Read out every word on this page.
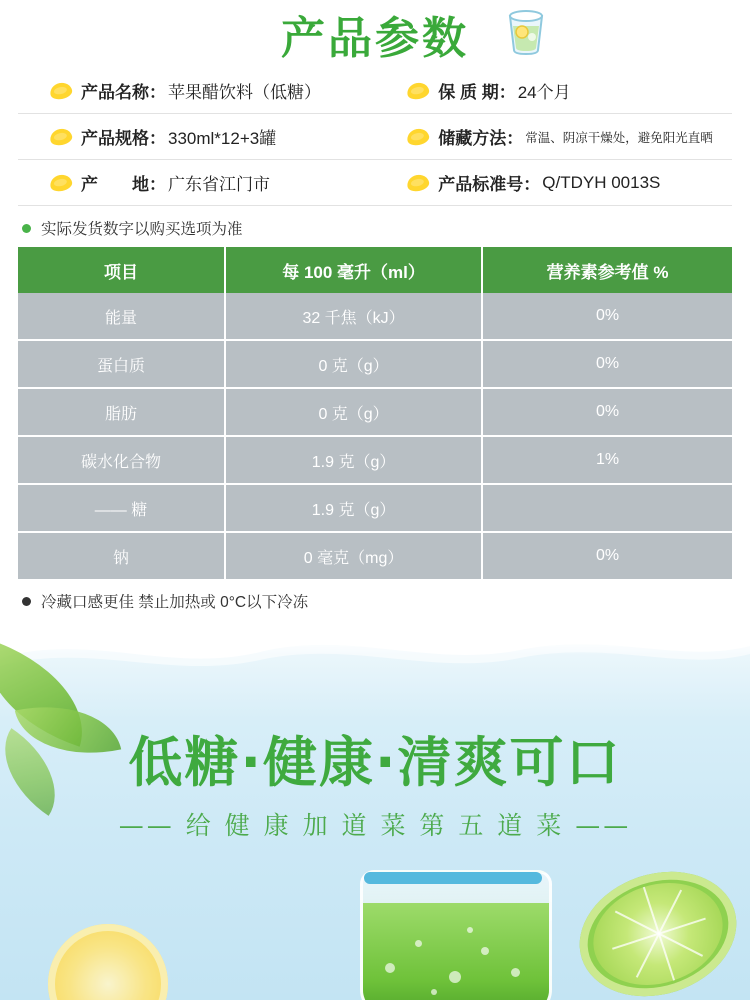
产品参数
产品名称： 苹果醋饮料（低糖）	保 质 期： 24个月
产品规格： 330ml*12+3罐	储藏方法： 常温、阴凉干燥处，避免阳光直晒
产　　地： 广东省江门市	产品标准号： Q/TDYH 0013S
实际发货数字以购买选项为准
项目	每 100 毫升（ml）	营养素参考值 %
能量	32 千焦（kJ）	0%
蛋白质	0 克（g）	0%
脂肪	0 克（g）	0%
碳水化合物	1.9 克（g）	1%
—— 糖	1.9 克（g）	
钠	0 毫克（mg）	0%
冷藏口感更佳 禁止加热或 0°C以下冷冻
低糖·健康·清爽可口
—— 给 健 康 加 道 菜 第 五 道 菜 ——
